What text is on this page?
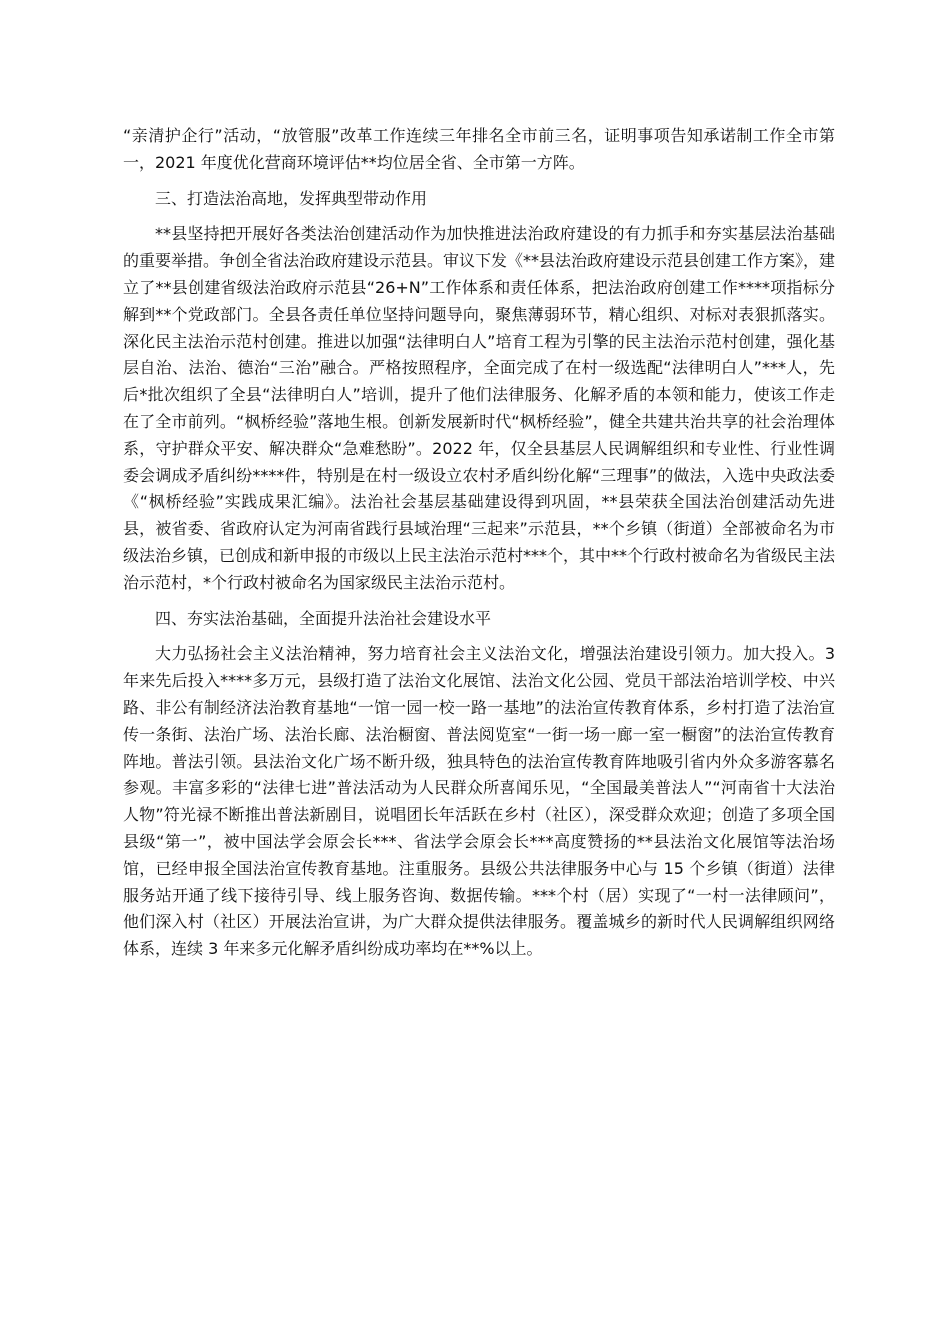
“亲清护企行”活动，“放管服”改革工作连续三年排名全市前三名，证明事项告知承诺制工作全市第一，2021 年度优化营商环境评估**均位居全省、全市第一方阵。

三、打造法治高地，发挥典型带动作用

**县坚持把开展好各类法治创建活动作为加快推进法治政府建设的有力抓手和夯实基层法治基础的重要举措。争创全省法治政府建设示范县。审议下发《**县法治政府建设示范县创建工作方案》，建立了**县创建省级法治政府示范县“26+N”工作体系和责任体系，把法治政府创建工作****项指标分解到**个党政部门。全县各责任单位坚持问题导向，聚焦薄弱环节，精心组织、对标对表狠抓落实。深化民主法治示范村创建。推进以加强“法律明白人”培育工程为引擎的民主法治示范村创建，强化基层自治、法治、德治“三治”融合。严格按照程序，全面完成了在村一级选配“法律明白人”***人，先后*批次组织了全县“法律明白人”培训，提升了他们法律服务、化解矛盾的本领和能力，使该工作走在了全市前列。“枫桥经验”落地生根。创新发展新时代“枫桥经验”，健全共建共治共享的社会治理体系，守护群众平安、解决群众“急难愁盼”。2022 年，仅全县基层人民调解组织和专业性、行业性调委会调成矛盾纠纷****件，特别是在村一级设立农村矛盾纠纷化解“三理事”的做法，入选中央政法委《“枫桥经验”实践成果汇编》。法治社会基层基础建设得到巩固，**县荣获全国法治创建活动先进县，被省委、省政府认定为河南省践行县域治理“三起来”示范县，**个乡镇（街道）全部被命名为市级法治乡镇，已创成和新申报的市级以上民主法治示范村***个，其中**个行政村被命名为省级民主法治示范村，*个行政村被命名为国家级民主法治示范村。

四、夯实法治基础，全面提升法治社会建设水平

大力弘扬社会主义法治精神，努力培育社会主义法治文化，增强法治建设引领力。加大投入。3 年来先后投入****多万元，县级打造了法治文化展馆、法治文化公园、党员干部法治培训学校、中兴路、非公有制经济法治教育基地“一馆一园一校一路一基地”的法治宣传教育体系，乡村打造了法治宣传一条街、法治广场、法治长廊、法治橱窗、普法阅览室“一街一场一廊一室一橱窗”的法治宣传教育阵地。普法引领。县法治文化广场不断升级，独具特色的法治宣传教育阵地吸引省内外众多游客慕名参观。丰富多彩的“法律七进”普法活动为人民群众所喜闻乐见，“全国最美普法人”“河南省十大法治人物”符光禄不断推出普法新剧目，说唱团长年活跃在乡村（社区），深受群众欢迎；创造了多项全国县级“第一”，被中国法学会原会长***、省法学会原会长***高度赞扬的**县法治文化展馆等法治场馆，已经申报全国法治宣传教育基地。注重服务。县级公共法律服务中心与 15 个乡镇（街道）法律服务站开通了线下接待引导、线上服务咨询、数据传输。***个村（居）实现了“一村一法律顾问”，他们深入村（社区）开展法治宣讲，为广大群众提供法律服务。覆盖城乡的新时代人民调解组织网络体系，连续 3 年来多元化解矛盾纠纷成功率均在**%以上。
